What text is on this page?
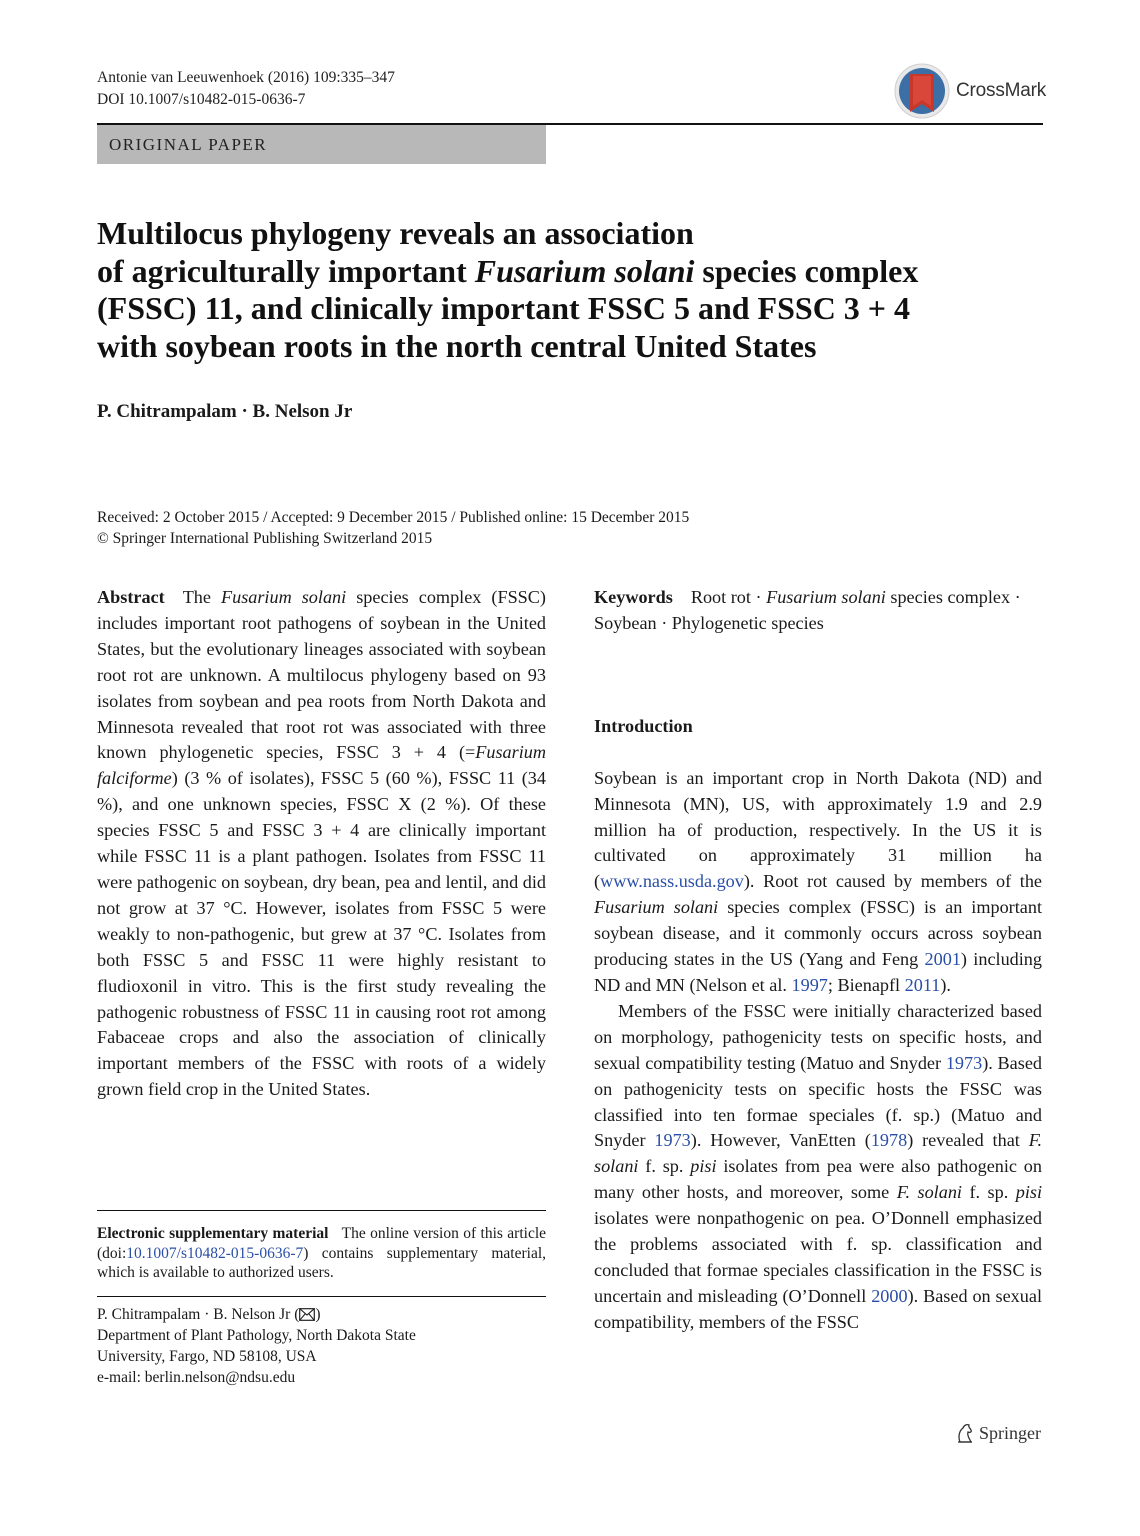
Antonie van Leeuwenhoek (2016) 109:335–347
DOI 10.1007/s10482-015-0636-7	CrossMark
ORIGINAL PAPER
Multilocus phylogeny reveals an association
of agriculturally important Fusarium solani species complex
(FSSC) 11, and clinically important FSSC 5 and FSSC 3 + 4
with soybean roots in the north central United States
P. Chitrampalam · B. Nelson Jr
Received: 2 October 2015 / Accepted: 9 December 2015 / Published online: 15 December 2015
© Springer International Publishing Switzerland 2015

Abstract The Fusarium solani species complex (FSSC) includes important root pathogens of soybean in the United States, but the evolutionary lineages associated with soybean root rot are unknown. A multilocus phylogeny based on 93 isolates from soybean and pea roots from North Dakota and Minnesota revealed that root rot was associated with three known phylogenetic species, FSSC 3 + 4 (=Fusarium falciforme) (3 % of isolates), FSSC 5 (60 %), FSSC 11 (34 %), and one unknown species, FSSC X (2 %). Of these species FSSC 5 and FSSC 3 + 4 are clinically important while FSSC 11 is a plant pathogen. Isolates from FSSC 11 were pathogenic on soybean, dry bean, pea and lentil, and did not grow at 37 °C. However, isolates from FSSC 5 were weakly to non-pathogenic, but grew at 37 °C. Isolates from both FSSC 5 and FSSC 11 were highly resistant to fludioxonil in vitro. This is the first study revealing the pathogenic robustness of FSSC 11 in causing root rot among Fabaceae crops and also the association of clinically important members of the FSSC with roots of a widely grown field crop in the United States.

Electronic supplementary material The online version of this article (doi:10.1007/s10482-015-0636-7) contains supplementary material, which is available to authorized users.
P. Chitrampalam · B. Nelson Jr ( )
Department of Plant Pathology, North Dakota State
University, Fargo, ND 58108, USA
e-mail: berlin.nelson@ndsu.edu

Keywords Root rot · Fusarium solani species complex · Soybean · Phylogenetic species

Introduction

Soybean is an important crop in North Dakota (ND) and Minnesota (MN), US, with approximately 1.9 and 2.9 million ha of production, respectively. In the US it is cultivated on approximately 31 million ha (www.nass.usda.gov). Root rot caused by members of the Fusarium solani species complex (FSSC) is an important soybean disease, and it commonly occurs across soybean producing states in the US (Yang and Feng 2001) including ND and MN (Nelson et al. 1997; Bienapfl 2011).

Members of the FSSC were initially characterized based on morphology, pathogenicity tests on specific hosts, and sexual compatibility testing (Matuo and Snyder 1973). Based on pathogenicity tests on specific hosts the FSSC was classified into ten formae speciales (f. sp.) (Matuo and Snyder 1973). However, VanEtten (1978) revealed that F. solani f. sp. pisi isolates from pea were also pathogenic on many other hosts, and moreover, some F. solani f. sp. pisi isolates were nonpathogenic on pea. O’Donnell emphasized the problems associated with f. sp. classification and concluded that formae speciales classification in the FSSC is uncertain and misleading (O’Donnell 2000). Based on sexual compatibility, members of the FSSC

Springer
